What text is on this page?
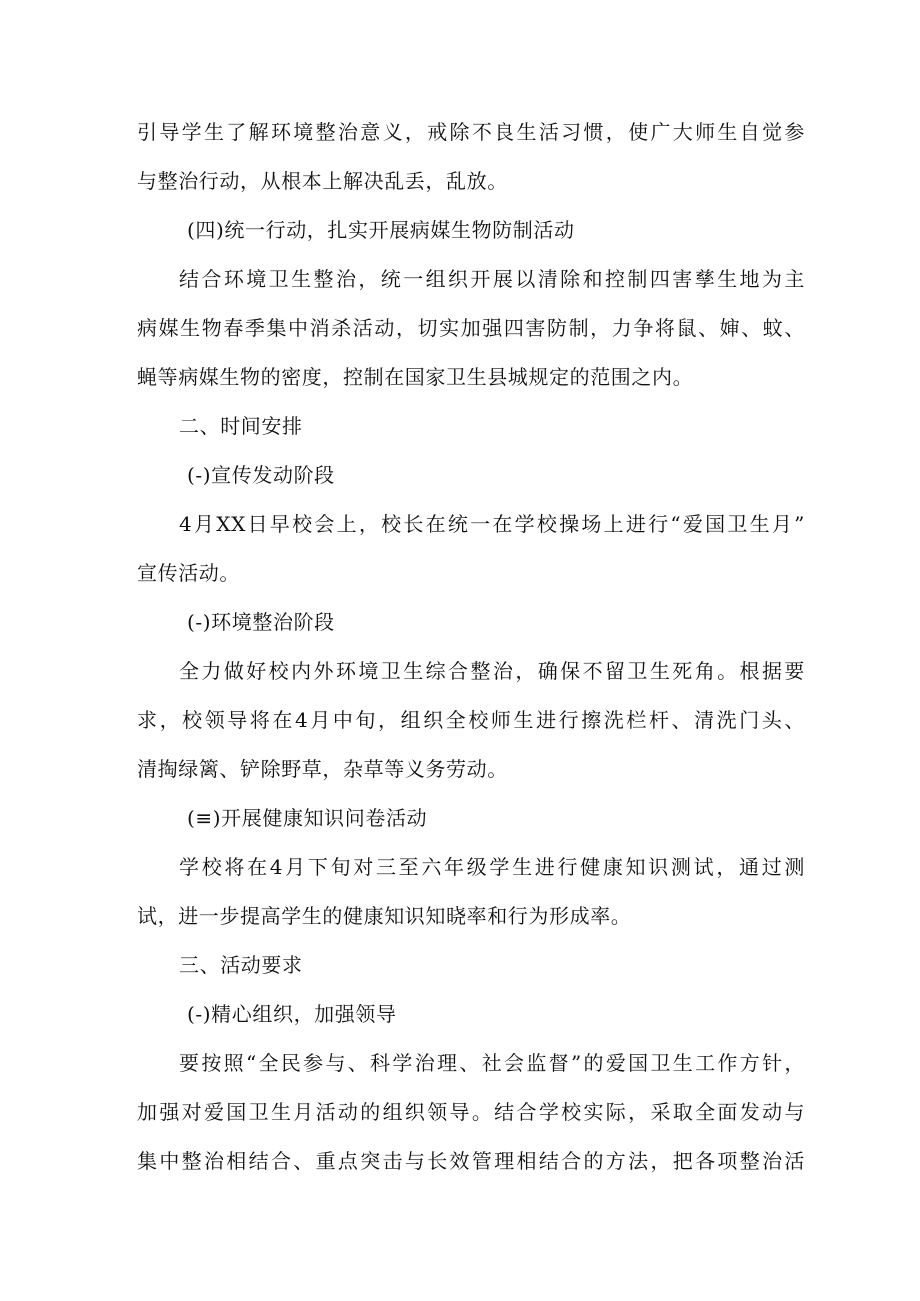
引导学生了解环境整治意义，戒除不良生活习惯，使广大师生自觉参
与整治行动，从根本上解决乱丢，乱放。
(四)统一行动，扎实开展病媒生物防制活动
结合环境卫生整治，统一组织开展以清除和控制四害孳生地为主
病媒生物春季集中消杀活动，切实加强四害防制，力争将鼠、婶、蚊、
蝇等病媒生物的密度，控制在国家卫生县城规定的范围之内。
二、时间安排
(-)宣传发动阶段
4月XX日早校会上，校长在统一在学校操场上进行“爱国卫生月”
宣传活动。
(-)环境整治阶段
全力做好校内外环境卫生综合整治，确保不留卫生死角。根据要
求，校领导将在4月中旬，组织全校师生进行擦洗栏杆、清洗门头、
清掏绿篱、铲除野草，杂草等义务劳动。
(≡)开展健康知识问卷活动
学校将在4月下旬对三至六年级学生进行健康知识测试，通过测
试，进一步提高学生的健康知识知晓率和行为形成率。
三、活动要求
(-)精心组织，加强领导
要按照“全民参与、科学治理、社会监督”的爱国卫生工作方针，
加强对爱国卫生月活动的组织领导。结合学校实际，采取全面发动与
集中整治相结合、重点突击与长效管理相结合的方法，把各项整治活
